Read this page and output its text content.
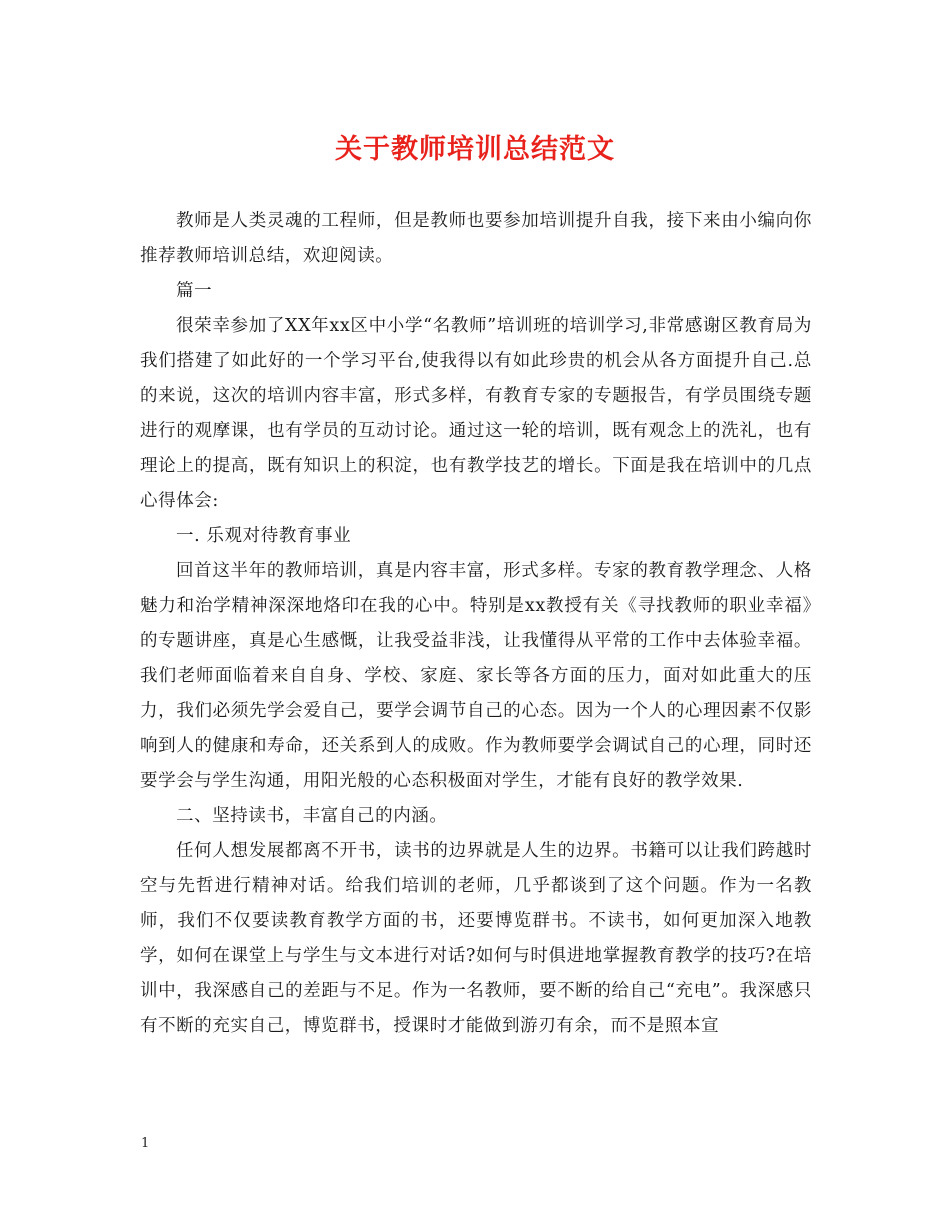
关于教师培训总结范文

教师是人类灵魂的工程师，但是教师也要参加培训提升自我，接下来由小编向你推荐教师培训总结，欢迎阅读。

篇一

很荣幸参加了XX年xx区中小学“名教师”培训班的培训学习,非常感谢区教育局为我们搭建了如此好的一个学习平台,使我得以有如此珍贵的机会从各方面提升自己.总的来说，这次的培训内容丰富，形式多样，有教育专家的专题报告，有学员围绕专题进行的观摩课，也有学员的互动讨论。通过这一轮的培训，既有观念上的洗礼，也有理论上的提高，既有知识上的积淀，也有教学技艺的增长。下面是我在培训中的几点心得体会:

一. 乐观对待教育事业

回首这半年的教师培训，真是内容丰富，形式多样。专家的教育教学理念、人格魅力和治学精神深深地烙印在我的心中。特别是xx教授有关《寻找教师的职业幸福》的专题讲座，真是心生感慨，让我受益非浅，让我懂得从平常的工作中去体验幸福。我们老师面临着来自自身、学校、家庭、家长等各方面的压力，面对如此重大的压力，我们必须先学会爱自己，要学会调节自己的心态。因为一个人的心理因素不仅影响到人的健康和寿命，还关系到人的成败。作为教师要学会调试自己的心理，同时还要学会与学生沟通，用阳光般的心态积极面对学生，才能有良好的教学效果.

二、坚持读书，丰富自己的内涵。

任何人想发展都离不开书，读书的边界就是人生的边界。书籍可以让我们跨越时空与先哲进行精神对话。给我们培训的老师，几乎都谈到了这个问题。作为一名教师，我们不仅要读教育教学方面的书，还要博览群书。不读书，如何更加深入地教学，如何在课堂上与学生与文本进行对话?如何与时俱进地掌握教育教学的技巧?在培训中，我深感自己的差距与不足。作为一名教师，要不断的给自己“充电”。我深感只有不断的充实自己，博览群书，授课时才能做到游刃有余，而不是照本宣

1
